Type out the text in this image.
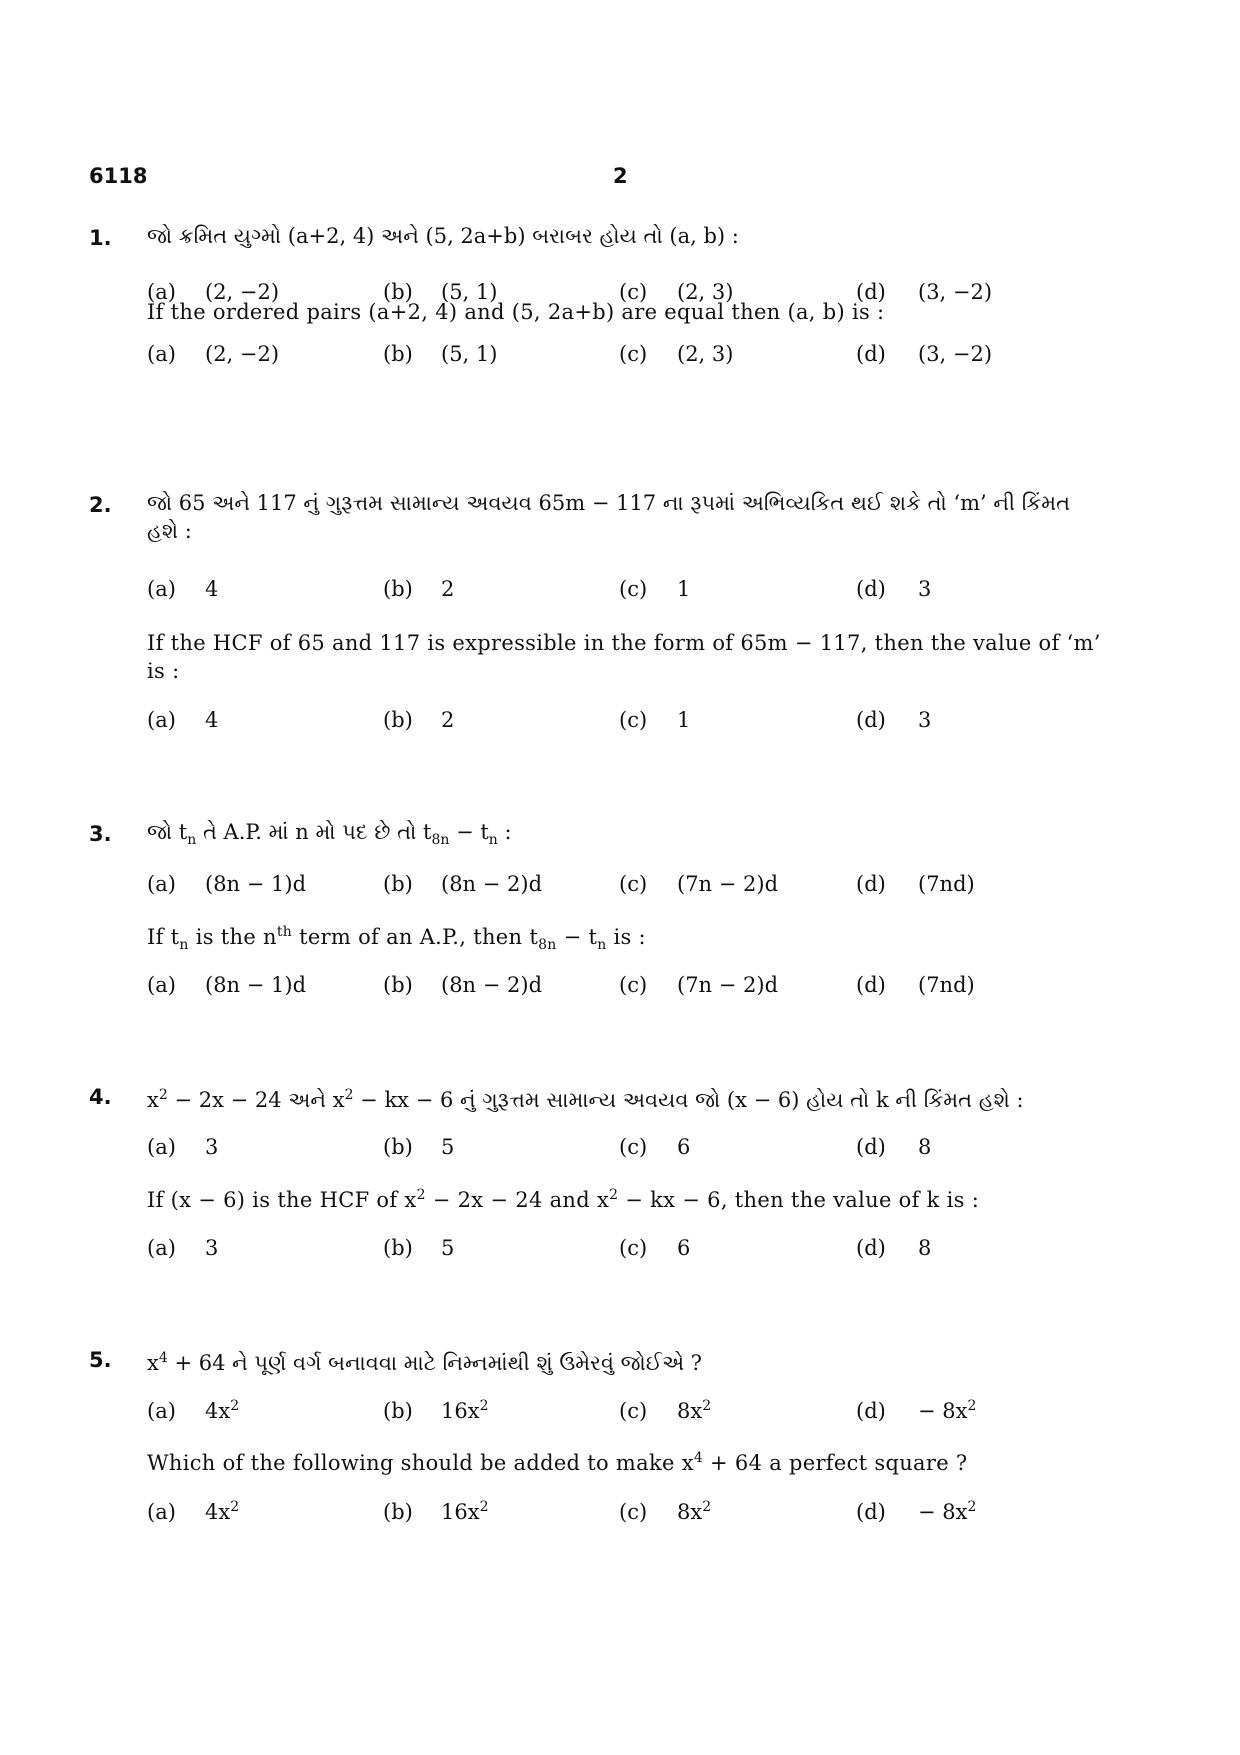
6118	2
1. જો ક્રમિત યુગ્મો (a+2, 4) અને (5, 2a+b) બરાબર હોય તો (a, b) :
(a) (2, −2)	(b) (5, 1)	(c) (2, 3)	(d) (3, −2)
If the ordered pairs (a+2, 4) and (5, 2a+b) are equal then (a, b) is :
(a) (2, −2)	(b) (5, 1)	(c) (2, 3)	(d) (3, −2)
2. જો 65 અને 117 નું ગુરૂત્તમ સામાન્ય અવયવ 65m − 117 ના રૂપમાં અભિવ્યકિત થઈ શકે તો ‘m’ ની કિંમત હશે :
(a) 4	(b) 2	(c) 1	(d) 3
If the HCF of 65 and 117 is expressible in the form of 65m − 117, then the value of ‘m’ is :
(a) 4	(b) 2	(c) 1	(d) 3
3. જો $t_n$ તે A.P. માં n મો પદ છે તો $t_{8n} - t_n$ :
(a) (8n − 1)d	(b) (8n − 2)d	(c) (7n − 2)d	(d) (7nd)
If $t_n$ is the $n^{th}$ term of an A.P., then $t_{8n} - t_n$ is :
(a) (8n − 1)d	(b) (8n − 2)d	(c) (7n − 2)d	(d) (7nd)
4. $x^2 - 2x - 24$ અને $x^2$ − kx − 6 નું ગુરૂત્તમ સામાન્ય અવયવ જો (x − 6) હોય તો k ની કિંમત હશે :
(a) 3	(b) 5	(c) 6	(d) 8
If (x − 6) is the HCF of $x^2 - 2x - 24$ and $x^2$ − kx − 6, then the value of k is :
(a) 3	(b) 5	(c) 6	(d) 8
5. $x^4 + 64$ ને પૂર્ણ વર્ગ બનાવવા માટે નિમ્નમાંથી શું ઉમેરવું જોઈએ ?
(a) $4x^2$	(b) $16x^2$	(c) $8x^2$	$(d) - 8x^2$
Which of the following should be added to make $x^4 + 64$ a perfect square ?
(a) $4x^2$	(b) $16x^2$	(c) $8x^2$	$(d) - 8x^2$
